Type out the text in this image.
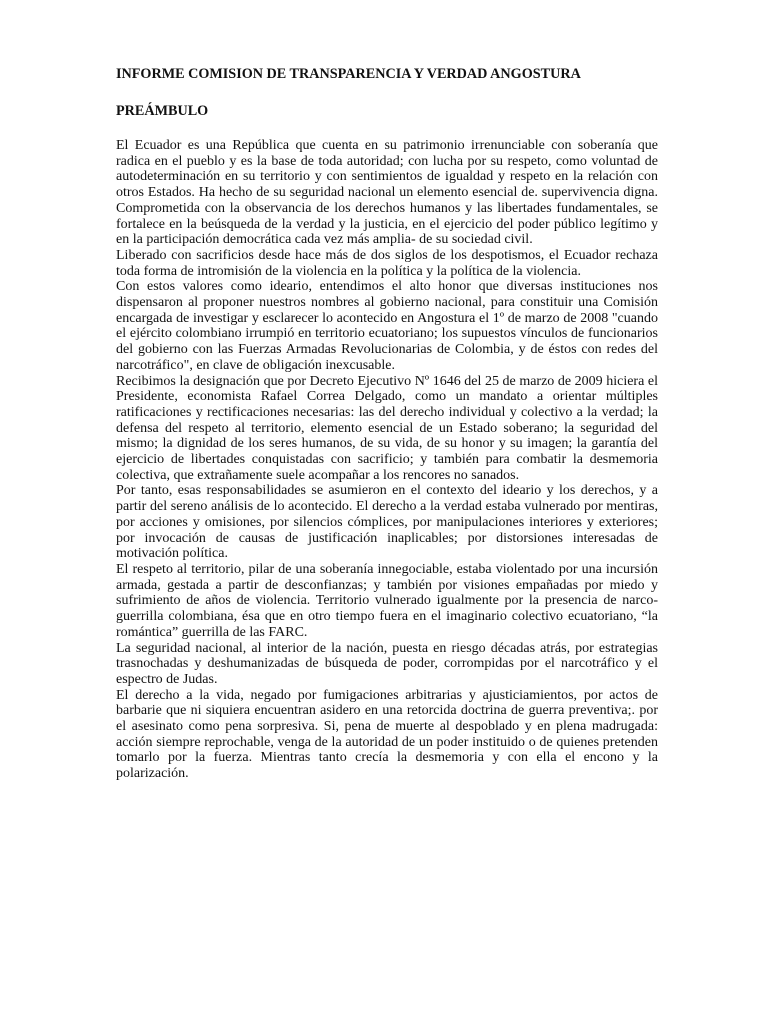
INFORME COMISION DE TRANSPARENCIA Y VERDAD ANGOSTURA
PREÁMBULO

El Ecuador es una República que cuenta en su patrimonio irrenunciable con soberanía que radica en el pueblo y es la base de toda autoridad; con lucha por su respeto, como voluntad de autodeterminación en su territorio y con sentimientos de igualdad y respeto en la relación con otros Estados. Ha hecho de su seguridad nacional un elemento esencial de. supervivencia digna. Comprometida con la observancia de los derechos humanos y las libertades fundamentales, se fortalece en la beúsqueda de la verdad y la justicia, en el ejercicio del poder público legítimo y en la participación democrática cada vez más amplia- de su sociedad civil.

Liberado con sacrificios desde hace más de dos siglos de los despotismos, el Ecuador rechaza toda forma de intromisión de la violencia en la política y la política de la violencia.

Con estos valores como ideario, entendimos el alto honor que diversas instituciones nos dispensaron al proponer nuestros nombres al gobierno nacional, para constituir una Comisión encargada de investigar y esclarecer lo acontecido en Angostura el 1º de marzo de 2008 "cuando el ejército colombiano irrumpió en territorio ecuatoriano; los supuestos vínculos de funcionarios del gobierno con las Fuerzas Armadas Revolucionarias de Colombia, y de éstos con redes del narcotráfico", en clave de obligación inexcusable.

Recibimos la designación que por Decreto Ejecutivo Nº 1646 del 25 de marzo de 2009 hiciera el Presidente, economista Rafael Correa Delgado, como un mandato a orientar múltiples ratificaciones y rectificaciones necesarias: las del derecho individual y colectivo a la verdad; la defensa del respeto al territorio, elemento esencial de un Estado soberano; la seguridad del mismo; la dignidad de los seres humanos, de su vida, de su honor y su imagen; la garantía del ejercicio de libertades conquistadas con sacrificio; y también para combatir la desmemoria colectiva, que extrañamente suele acompañar a los rencores no sanados.

Por tanto, esas responsabilidades se asumieron en el contexto del ideario y los derechos, y a partir del sereno análisis de lo acontecido. El derecho a la verdad estaba vulnerado por mentiras, por acciones y omisiones, por silencios cómplices, por manipulaciones interiores y exteriores; por invocación de causas de justificación inaplicables; por distorsiones interesadas de motivación política.

El respeto al territorio, pilar de una soberanía innegociable, estaba violentado por una incursión armada, gestada a partir de desconfianzas; y también por visiones empañadas por miedo y sufrimiento de años de violencia. Territorio vulnerado igualmente por la presencia de narco-guerrilla colombiana, ésa que en otro tiempo fuera en el imaginario colectivo ecuatoriano, “la romántica” guerrilla de las FARC.

La seguridad nacional, al interior de la nación, puesta en riesgo décadas atrás, por estrategias trasnochadas y deshumanizadas de búsqueda de poder, corrompidas por el narcotráfico y el espectro de Judas.

El derecho a la vida, negado por fumigaciones arbitrarias y ajusticiamientos, por actos de barbarie que ni siquiera encuentran asidero en una retorcida doctrina de guerra preventiva;. por el asesinato como pena sorpresiva. Si, pena de muerte al despoblado y en plena madrugada: acción siempre reprochable, venga de la autoridad de un poder instituido o de quienes pretenden tomarlo por la fuerza. Mientras tanto crecía la desmemoria y con ella el encono y la polarización.
